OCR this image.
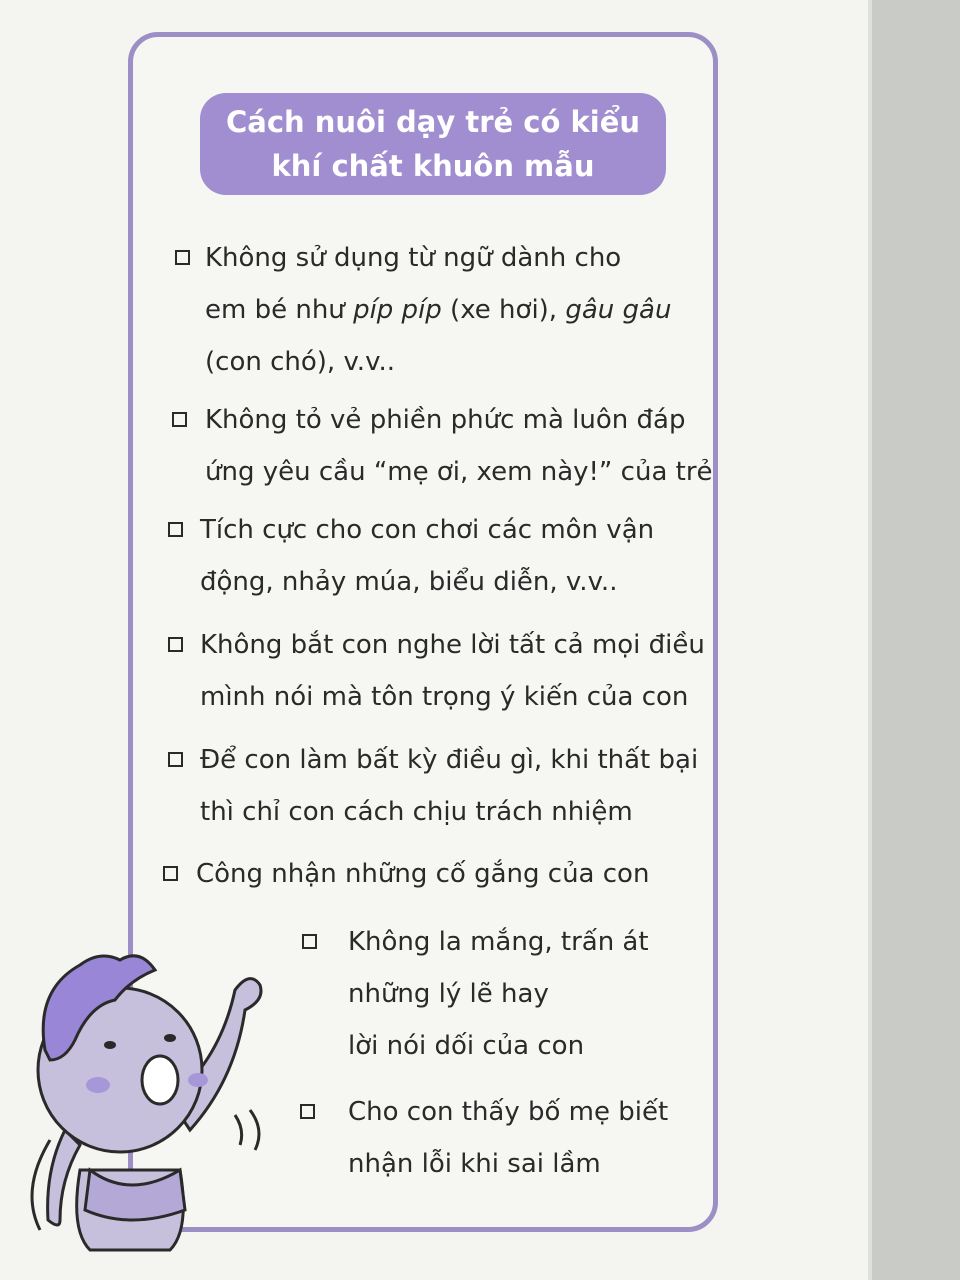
Cách nuôi dạy trẻ có kiểu
khí chất khuôn mẫu
Không sử dụng từ ngữ dành cho
em bé như píp píp (xe hơi), gâu gâu
(con chó), v.v..
Không tỏ vẻ phiền phức mà luôn đáp
ứng yêu cầu “mẹ ơi, xem này!” của trẻ
Tích cực cho con chơi các môn vận
động, nhảy múa, biểu diễn, v.v..
Không bắt con nghe lời tất cả mọi điều
mình nói mà tôn trọng ý kiến của con
Để con làm bất kỳ điều gì, khi thất bại
thì chỉ con cách chịu trách nhiệm
Công nhận những cố gắng của con
Không la mắng, trấn át
những lý lẽ hay
lời nói dối của con
Cho con thấy bố mẹ biết
nhận lỗi khi sai lầm
